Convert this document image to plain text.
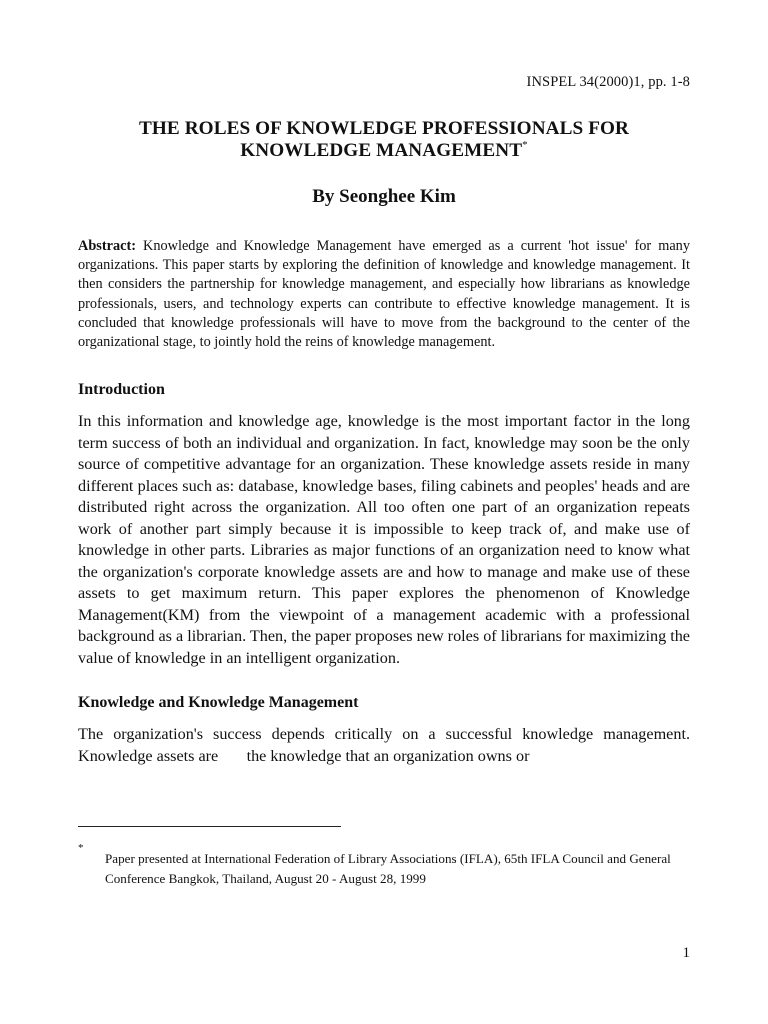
INSPEL 34(2000)1, pp. 1-8
THE ROLES OF KNOWLEDGE PROFESSIONALS FOR
KNOWLEDGE MANAGEMENT*
By Seonghee Kim

Abstract: Knowledge and Knowledge Management have emerged as a current 'hot issue' for many organizations. This paper starts by exploring the definition of knowledge and knowledge management. It then considers the partnership for knowledge management, and especially how librarians as knowledge professionals, users, and technology experts can contribute to effective knowledge management. It is concluded that knowledge professionals will have to move from the background to the center of the organizational stage, to jointly hold the reins of knowledge management.

Introduction

In this information and knowledge age, knowledge is the most important factor in the long term success of both an individual and organization. In fact, knowledge may soon be the only source of competitive advantage for an organization. These knowledge assets reside in many different places such as: database, knowledge bases, filing cabinets and peoples' heads and are distributed right across the organization. All too often one part of an organization repeats work of another part simply because it is impossible to keep track of, and make use of knowledge in other parts. Libraries as major functions of an organization need to know what the organization's corporate knowledge assets are and how to manage and make use of these assets to get maximum return. This paper explores the phenomenon of Knowledge Management(KM) from the viewpoint of a management academic with a professional background as a librarian. Then, the paper proposes new roles of librarians for maximizing the value of knowledge in an intelligent organization.

Knowledge and Knowledge Management

The organization's success depends critically on a successful knowledge management. Knowledge assets are       the knowledge that an organization owns or

*

Paper presented at International Federation of Library Associations (IFLA), 65th IFLA Council and General Conference Bangkok, Thailand, August 20 - August 28, 1999

1
